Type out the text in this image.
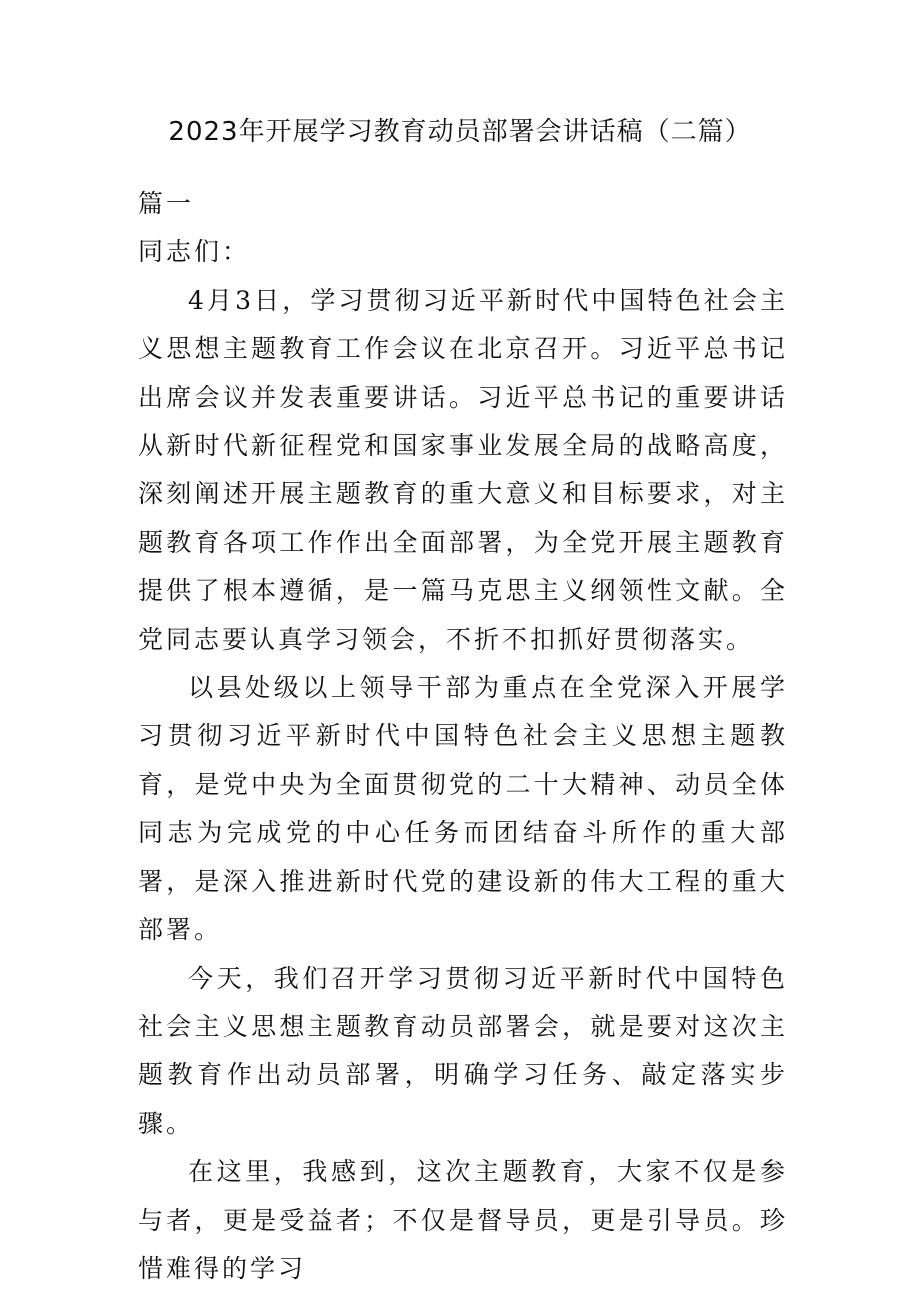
2023年开展学习教育动员部署会讲话稿（二篇）

篇一

同志们：

4月3日，学习贯彻习近平新时代中国特色社会主义思想主题教育工作会议在北京召开。习近平总书记出席会议并发表重要讲话。习近平总书记的重要讲话从新时代新征程党和国家事业发展全局的战略高度，深刻阐述开展主题教育的重大意义和目标要求，对主题教育各项工作作出全面部署，为全党开展主题教育提供了根本遵循，是一篇马克思主义纲领性文献。全党同志要认真学习领会，不折不扣抓好贯彻落实。

以县处级以上领导干部为重点在全党深入开展学习贯彻习近平新时代中国特色社会主义思想主题教育，是党中央为全面贯彻党的二十大精神、动员全体同志为完成党的中心任务而团结奋斗所作的重大部署，是深入推进新时代党的建设新的伟大工程的重大部署。

今天，我们召开学习贯彻习近平新时代中国特色社会主义思想主题教育动员部署会，就是要对这次主题教育作出动员部署，明确学习任务、敲定落实步骤。

在这里，我感到，这次主题教育，大家不仅是参与者，更是受益者；不仅是督导员，更是引导员。珍惜难得的学习
